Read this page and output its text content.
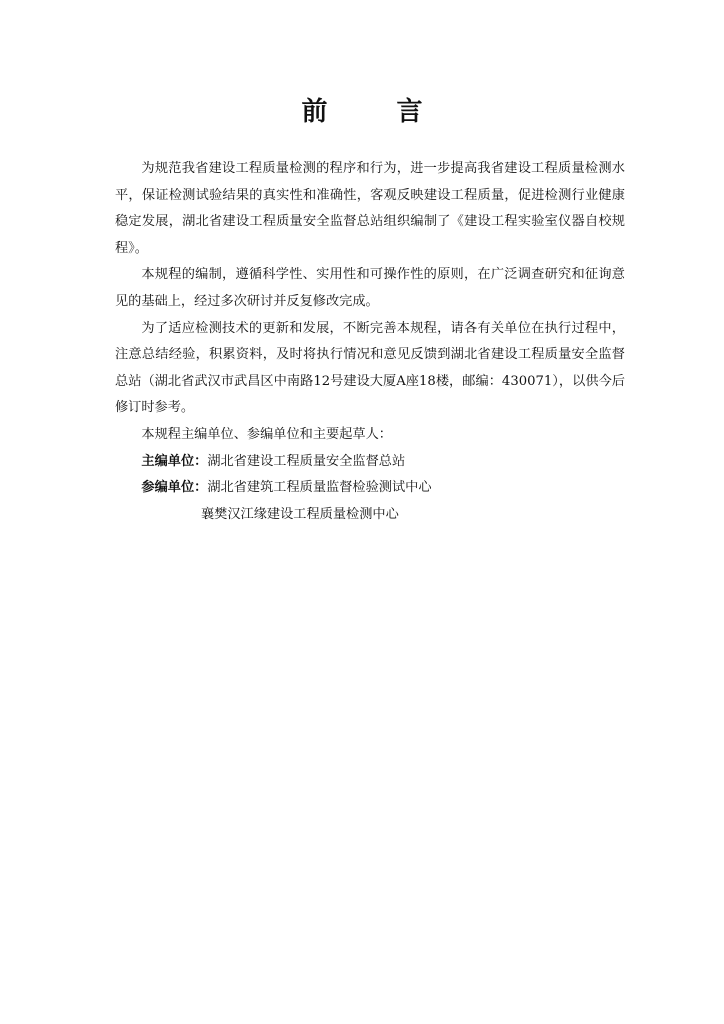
前 言

为规范我省建设工程质量检测的程序和行为，进一步提高我省建设工程质量检测水平，保证检测试验结果的真实性和准确性，客观反映建设工程质量，促进检测行业健康稳定发展，湖北省建设工程质量安全监督总站组织编制了《建设工程实验室仪器自校规程》。

本规程的编制，遵循科学性、实用性和可操作性的原则，在广泛调查研究和征询意见的基础上，经过多次研讨并反复修改完成。

为了适应检测技术的更新和发展，不断完善本规程，请各有关单位在执行过程中，注意总结经验，积累资料，及时将执行情况和意见反馈到湖北省建设工程质量安全监督总站（湖北省武汉市武昌区中南路12号建设大厦A座18楼，邮编：430071），以供今后修订时参考。

本规程主编单位、参编单位和主要起草人：

主编单位：湖北省建设工程质量安全监督总站

参编单位：湖北省建筑工程质量监督检验测试中心

襄樊汉江缘建设工程质量检测中心
